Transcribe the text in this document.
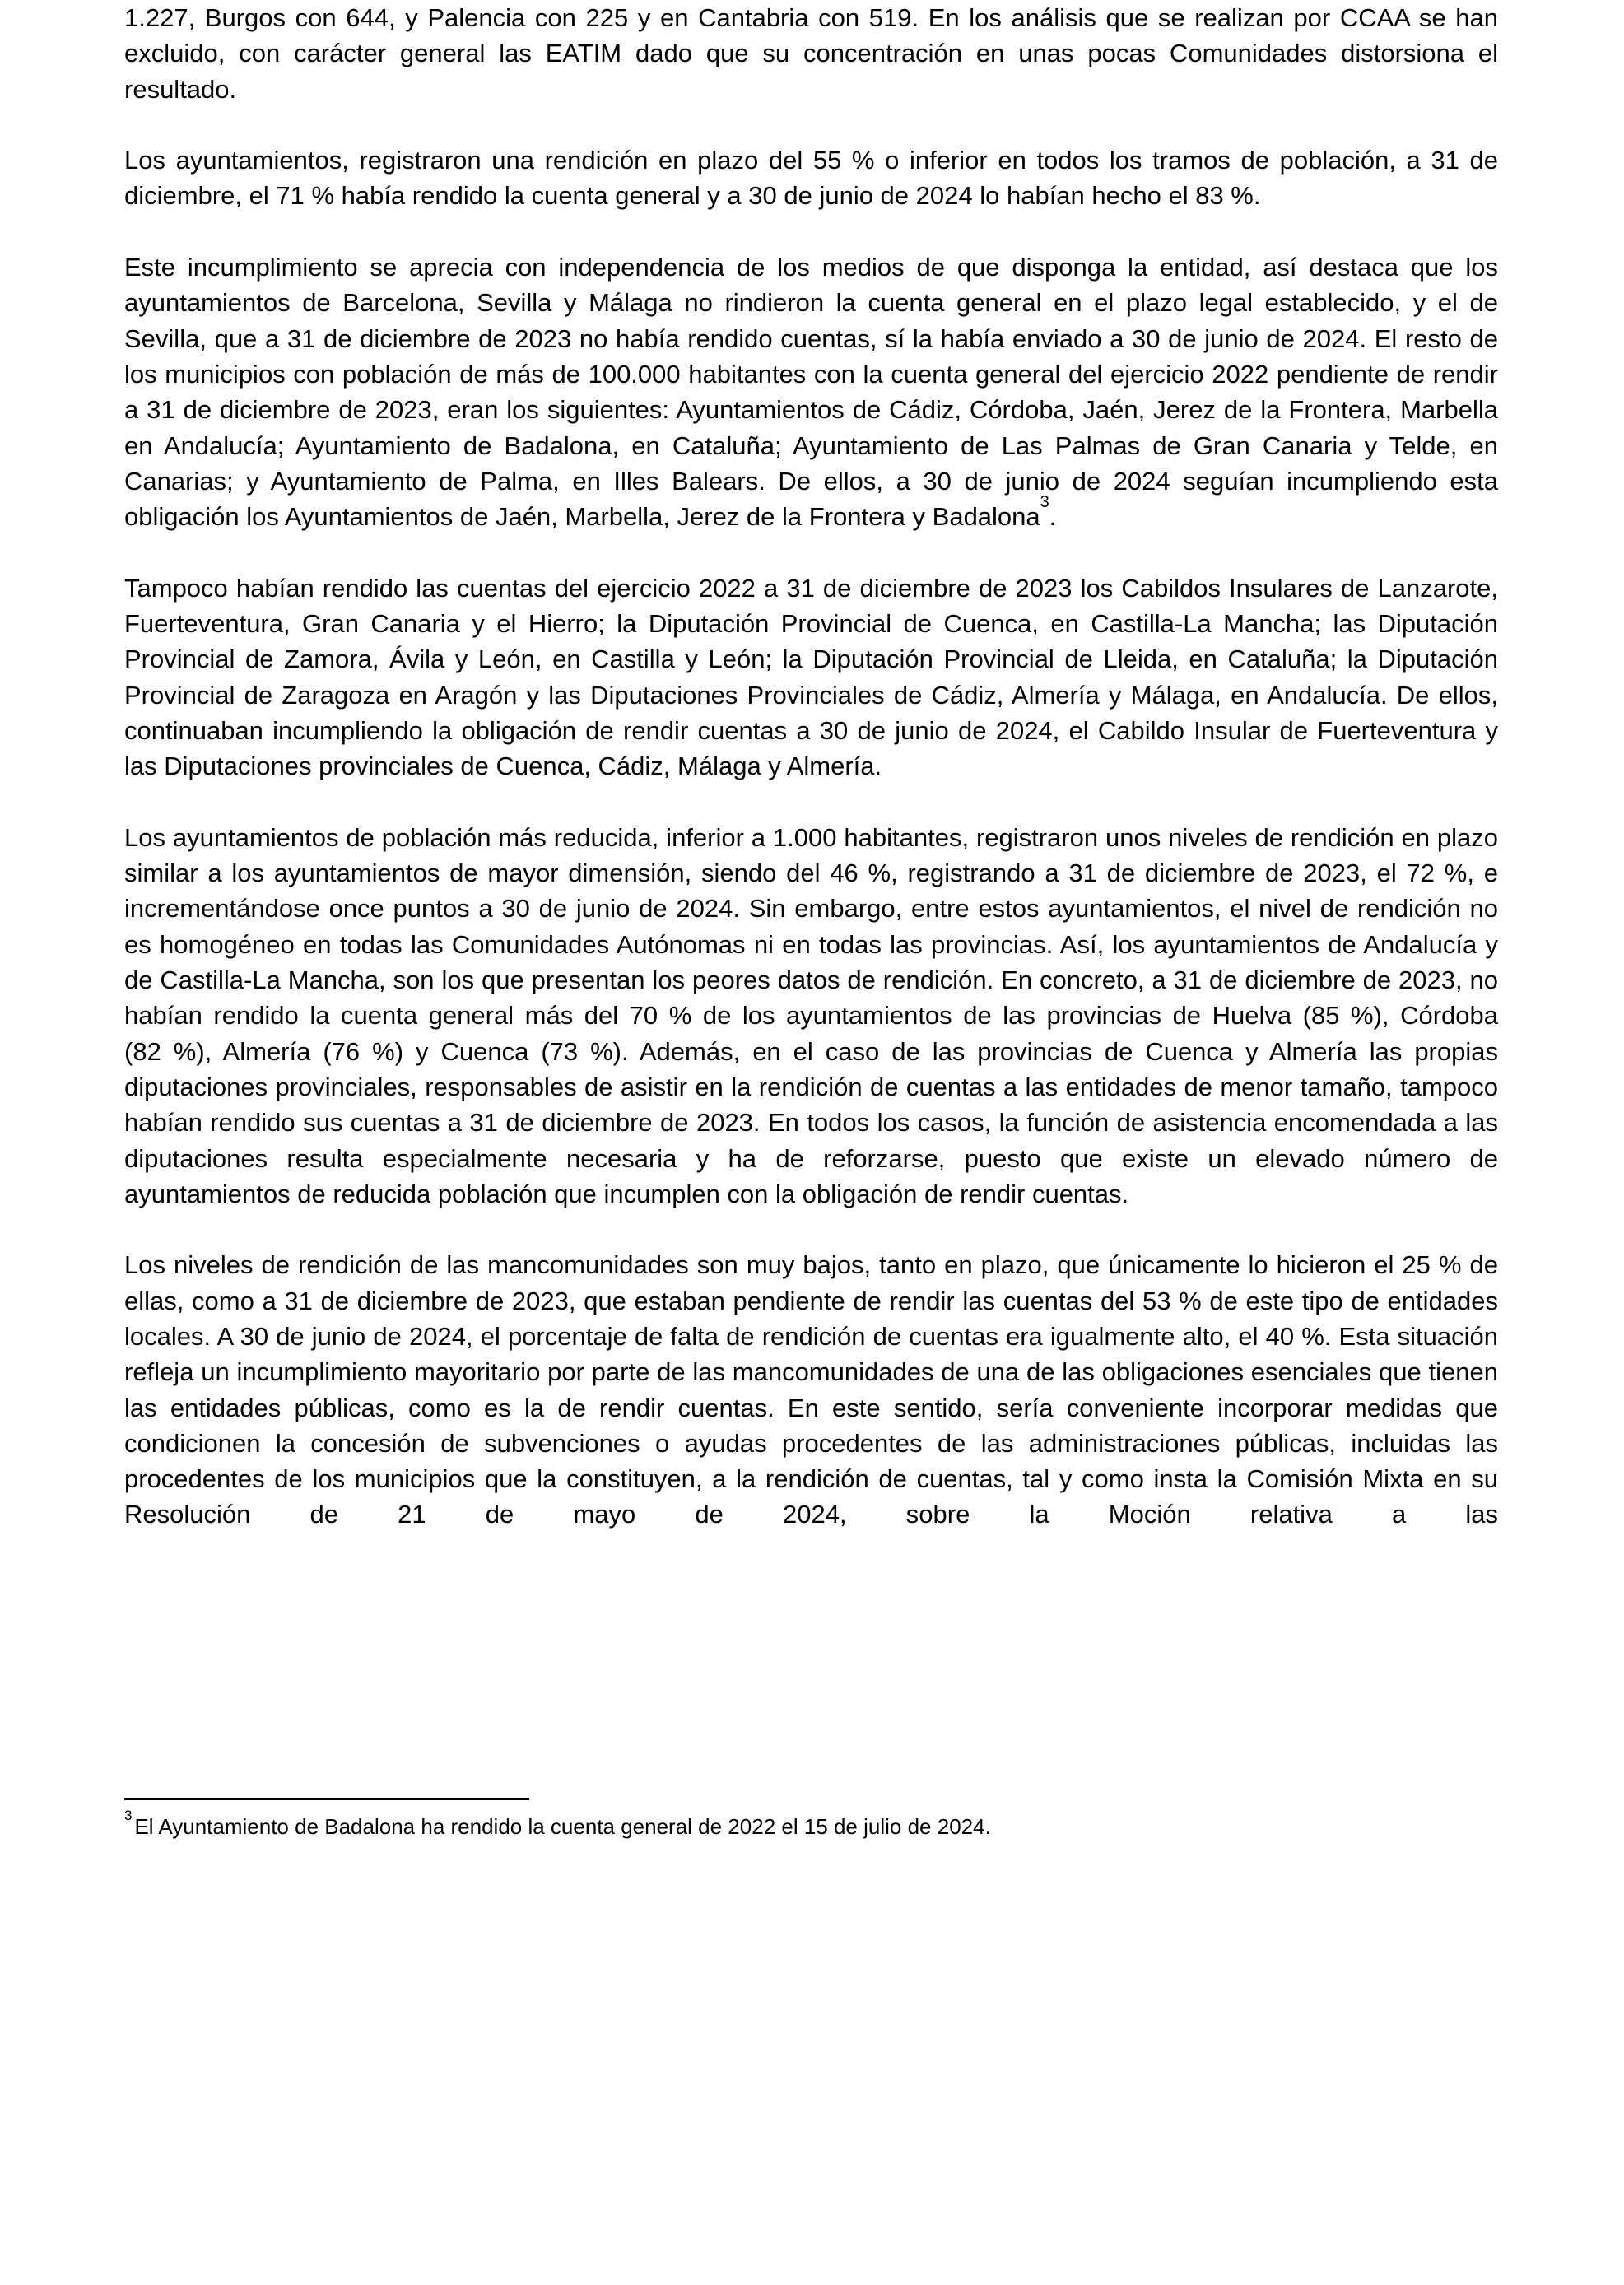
1.227, Burgos con 644, y Palencia con 225 y en Cantabria con 519. En los análisis que se realizan por CCAA se han excluido, con carácter general las EATIM dado que su concentración en unas pocas Comunidades distorsiona el resultado.

Los ayuntamientos, registraron una rendición en plazo del 55 % o inferior en todos los tramos de población, a 31 de diciembre, el 71 % había rendido la cuenta general y a 30 de junio de 2024 lo habían hecho el 83 %.

Este incumplimiento se aprecia con independencia de los medios de que disponga la entidad, así destaca que los ayuntamientos de Barcelona, Sevilla y Málaga no rindieron la cuenta general en el plazo legal establecido, y el de Sevilla, que a 31 de diciembre de 2023 no había rendido cuentas, sí la había enviado a 30 de junio de 2024. El resto de los municipios con población de más de 100.000 habitantes con la cuenta general del ejercicio 2022 pendiente de rendir a 31 de diciembre de 2023, eran los siguientes: Ayuntamientos de Cádiz, Córdoba, Jaén, Jerez de la Frontera, Marbella en Andalucía; Ayuntamiento de Badalona, en Cataluña; Ayuntamiento de Las Palmas de Gran Canaria y Telde, en Canarias; y Ayuntamiento de Palma, en Illes Balears. De ellos, a 30 de junio de 2024 seguían incumpliendo esta obligación los Ayuntamientos de Jaén, Marbella, Jerez de la Frontera y Badalona$^3$.

Tampoco habían rendido las cuentas del ejercicio 2022 a 31 de diciembre de 2023 los Cabildos Insulares de Lanzarote, Fuerteventura, Gran Canaria y el Hierro; la Diputación Provincial de Cuenca, en Castilla-La Mancha; las Diputación Provincial de Zamora, Ávila y León, en Castilla y León; la Diputación Provincial de Lleida, en Cataluña; la Diputación Provincial de Zaragoza en Aragón y las Diputaciones Provinciales de Cádiz, Almería y Málaga, en Andalucía. De ellos, continuaban incumpliendo la obligación de rendir cuentas a 30 de junio de 2024, el Cabildo Insular de Fuerteventura y las Diputaciones provinciales de Cuenca, Cádiz, Málaga y Almería.

Los ayuntamientos de población más reducida, inferior a 1.000 habitantes, registraron unos niveles de rendición en plazo similar a los ayuntamientos de mayor dimensión, siendo del 46 %, registrando a 31 de diciembre de 2023, el 72 %, e incrementándose once puntos a 30 de junio de 2024. Sin embargo, entre estos ayuntamientos, el nivel de rendición no es homogéneo en todas las Comunidades Autónomas ni en todas las provincias. Así, los ayuntamientos de Andalucía y de Castilla-La Mancha, son los que presentan los peores datos de rendición. En concreto, a 31 de diciembre de 2023, no habían rendido la cuenta general más del 70 % de los ayuntamientos de las provincias de Huelva (85 %), Córdoba (82 %), Almería (76 %) y Cuenca (73 %). Además, en el caso de las provincias de Cuenca y Almería las propias diputaciones provinciales, responsables de asistir en la rendición de cuentas a las entidades de menor tamaño, tampoco habían rendido sus cuentas a 31 de diciembre de 2023. En todos los casos, la función de asistencia encomendada a las diputaciones resulta especialmente necesaria y ha de reforzarse, puesto que existe un elevado número de ayuntamientos de reducida población que incumplen con la obligación de rendir cuentas.

Los niveles de rendición de las mancomunidades son muy bajos, tanto en plazo, que únicamente lo hicieron el 25 % de ellas, como a 31 de diciembre de 2023, que estaban pendiente de rendir las cuentas del 53 % de este tipo de entidades locales. A 30 de junio de 2024, el porcentaje de falta de rendición de cuentas era igualmente alto, el 40 %. Esta situación refleja un incumplimiento mayoritario por parte de las mancomunidades de una de las obligaciones esenciales que tienen las entidades públicas, como es la de rendir cuentas. En este sentido, sería conveniente incorporar medidas que condicionen la concesión de subvenciones o ayudas procedentes de las administraciones públicas, incluidas las procedentes de los municipios que la constituyen, a la rendición de cuentas, tal y como insta la Comisión Mixta en su Resolución de 21 de mayo de 2024, sobre la Moción relativa a las

$^3$ El Ayuntamiento de Badalona ha rendido la cuenta general de 2022 el 15 de julio de 2024.
